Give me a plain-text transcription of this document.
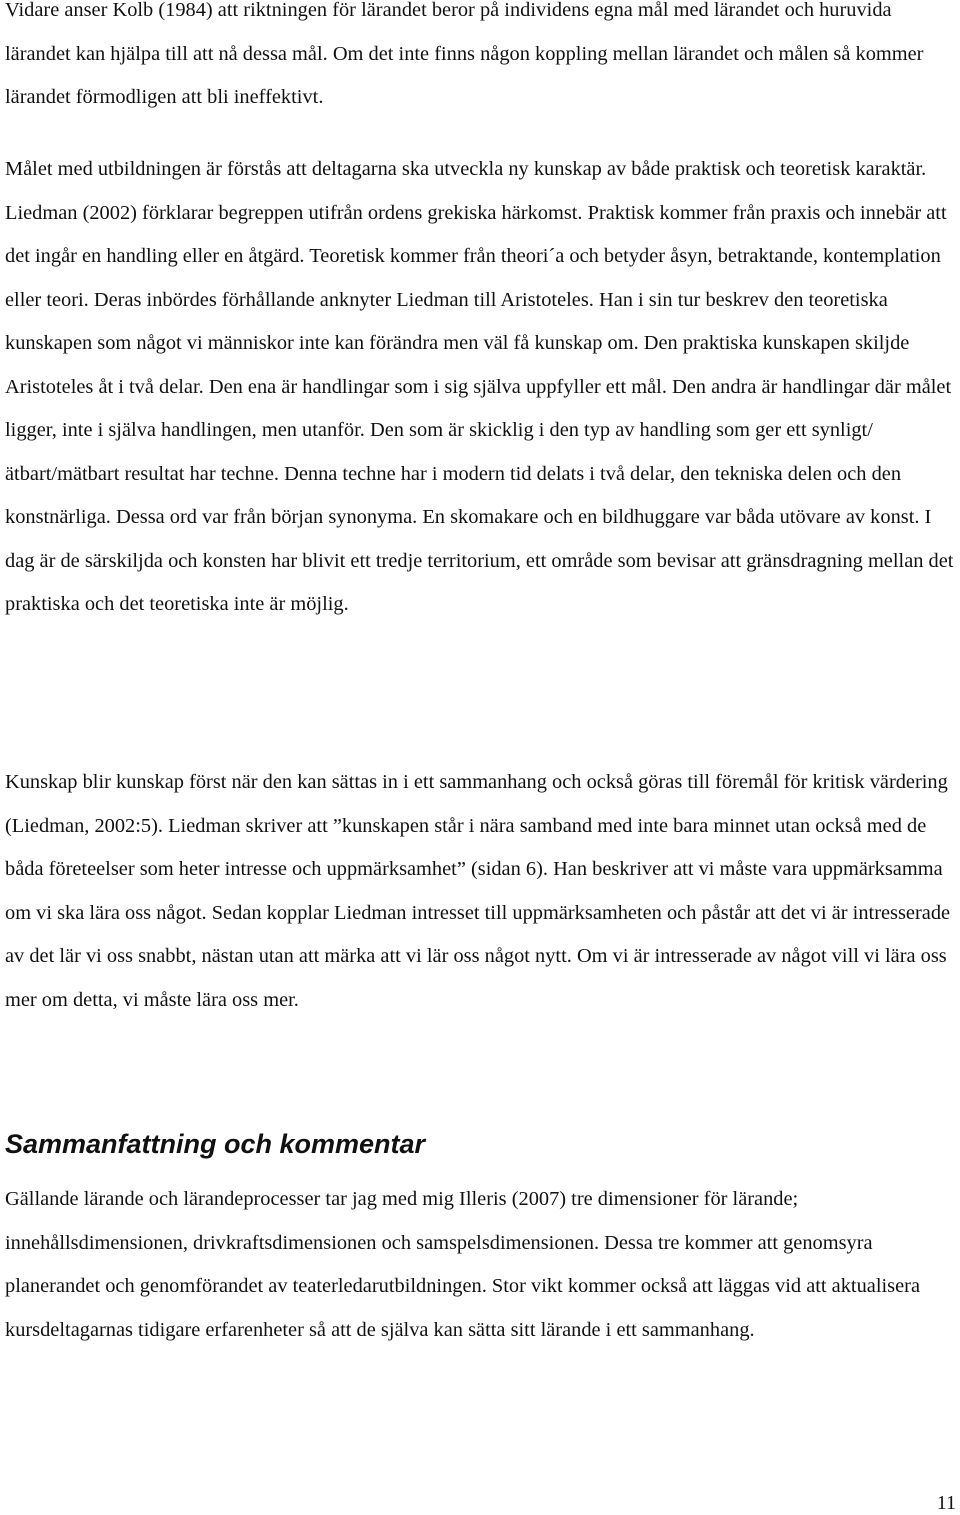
Vidare anser Kolb (1984) att riktningen för lärandet beror på individens egna mål med lärandet och huruvida lärandet kan hjälpa till att nå dessa mål. Om det inte finns någon koppling mellan lärandet och målen så kommer lärandet förmodligen att bli ineffektivt.

Målet med utbildningen är förstås att deltagarna ska utveckla ny kunskap av både praktisk och teoretisk karaktär. Liedman (2002) förklarar begreppen utifrån ordens grekiska härkomst. Praktisk kommer från praxis och innebär att det ingår en handling eller en åtgärd. Teoretisk kommer från theori´a och betyder åsyn, betraktande, kontemplation eller teori. Deras inbördes förhållande anknyter Liedman till Aristoteles. Han i sin tur beskrev den teoretiska kunskapen som något vi människor inte kan förändra men väl få kunskap om. Den praktiska kunskapen skiljde Aristoteles åt i två delar. Den ena är handlingar som i sig själva uppfyller ett mål. Den andra är handlingar där målet ligger, inte i själva handlingen, men utanför. Den som är skicklig i den typ av handling som ger ett synligt/ätbart/mätbart resultat har techne. Denna techne har i modern tid delats i två delar, den tekniska delen och den konstnärliga. Dessa ord var från början synonyma. En skomakare och en bildhuggare var båda utövare av konst. I dag är de särskiljda och konsten har blivit ett tredje territorium, ett område som bevisar att gränsdragning mellan det praktiska och det teoretiska inte är möjlig.

Kunskap blir kunskap först när den kan sättas in i ett sammanhang och också göras till föremål för kritisk värdering (Liedman, 2002:5). Liedman skriver att ”kunskapen står i nära samband med inte bara minnet utan också med de båda företeelser som heter intresse och uppmärksamhet” (sidan 6). Han beskriver att vi måste vara uppmärksamma om vi ska lära oss något. Sedan kopplar Liedman intresset till uppmärksamheten och påstår att det vi är intresserade av det lär vi oss snabbt, nästan utan att märka att vi lär oss något nytt. Om vi är intresserade av något vill vi lära oss mer om detta, vi måste lära oss mer.

Sammanfattning och kommentar

Gällande lärande och lärandeprocesser tar jag med mig Illeris (2007) tre dimensioner för lärande; innehållsdimensionen, drivkraftsdimensionen och samspelsdimensionen. Dessa tre kommer att genomsyra planerandet och genomförandet av teaterledarutbildningen. Stor vikt kommer också att läggas vid att aktualisera kursdeltagarnas tidigare erfarenheter så att de själva kan sätta sitt lärande i ett sammanhang.

11
